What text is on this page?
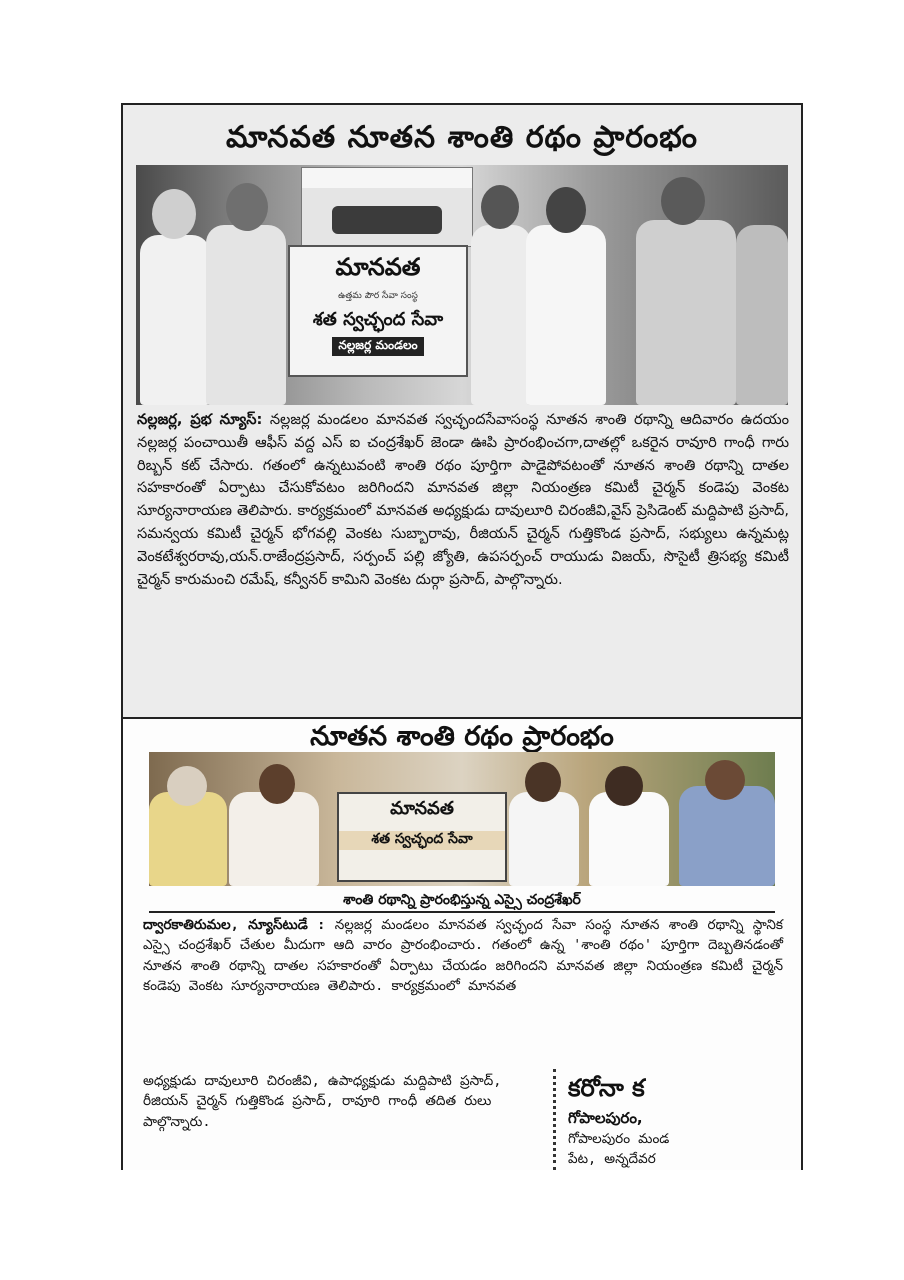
మానవత నూతన శాంతి రథం ప్రారంభం
మానవత
ఉత్తమ పౌర సేవా సంస్థ
శత స్వచ్ఛంద సేవా
నల్లజర్ల మండలం
నల్లజర్ల, ప్రభ న్యూస్: నల్లజర్ల మండలం మానవత స్వచ్ఛందసేవాసంస్థ నూతన శాంతి రథాన్ని ఆదివారం ఉదయం నల్లజర్ల పంచాయితీ ఆఫీస్ వద్ద ఎస్ ఐ చంద్రశేఖర్ జెండా ఊపి ప్రారంభించగా,దాతల్లో ఒకరైన రావూరి గాంధీ గారు రిబ్బన్ కట్ చేసారు. గతంలో ఉన్నటువంటి శాంతి రథం పూర్తిగా పాడైపోవటంతో నూతన శాంతి రథాన్ని దాతల సహకారంతో ఏర్పాటు చేసుకోవటం జరిగిందని మానవత జిల్లా నియంత్రణ కమిటీ చైర్మన్ కండెపు వెంకట సూర్యనారాయణ తెలిపారు. కార్యక్రమంలో మానవత అధ్యక్షుడు దావులూరి చిరంజీవి,వైస్ ప్రెసిడెంట్ మద్దిపాటి ప్రసాద్, సమన్వయ కమిటీ చైర్మన్ భోగవల్లి వెంకట సుబ్బారావు, రీజియన్ చైర్మన్ గుత్తికొండ ప్రసాద్, సభ్యులు ఉన్నమట్ల వెంకటేశ్వరరావు,యన్.రాజేంద్రప్రసాద్, సర్పంచ్ పల్లి జ్యోతి, ఉపసర్పంచ్ రాయుడు విజయ్, సొసైటీ త్రిసభ్య కమిటీ చైర్మన్ కారుమంచి రమేష్, కన్వీనర్ కామిని వెంకట దుర్గా ప్రసాద్, పాల్గొన్నారు.
నూతన శాంతి రథం ప్రారంభం
మానవత
శత స్వచ్ఛంద సేవా
శాంతి రథాన్ని ప్రారంభిస్తున్న ఎస్సై చంద్రశేఖర్
ద్వారకాతిరుమల, న్యూస్‌టుడే : నల్లజర్ల మండలం మానవత స్వచ్ఛంద సేవా సంస్థ నూతన శాంతి రథాన్ని స్థానిక ఎస్సై చంద్రశేఖర్ చేతుల మీదుగా ఆది వారం ప్రారంభించారు. గతంలో ఉన్న 'శాంతి రథం' పూర్తిగా దెబ్బతినడంతో నూతన శాంతి రథాన్ని దాతల సహకారంతో ఏర్పాటు చేయడం జరిగిందని మానవత జిల్లా నియంత్రణ కమిటీ చైర్మన్ కండెపు వెంకట సూర్యనారాయణ తెలిపారు. కార్యక్రమంలో మానవత
అధ్యక్షుడు దావులూరి చిరంజీవి, ఉపాధ్యక్షుడు మద్దిపాటి ప్రసాద్, రీజియన్ చైర్మన్ గుత్తికొండ ప్రసాద్, రావూరి గాంధీ తదిత రులు పాల్గొన్నారు.
కరోనా క
గోపాలపురం,
గోపాలపురం మండ
పేట, అన్నదేవర
